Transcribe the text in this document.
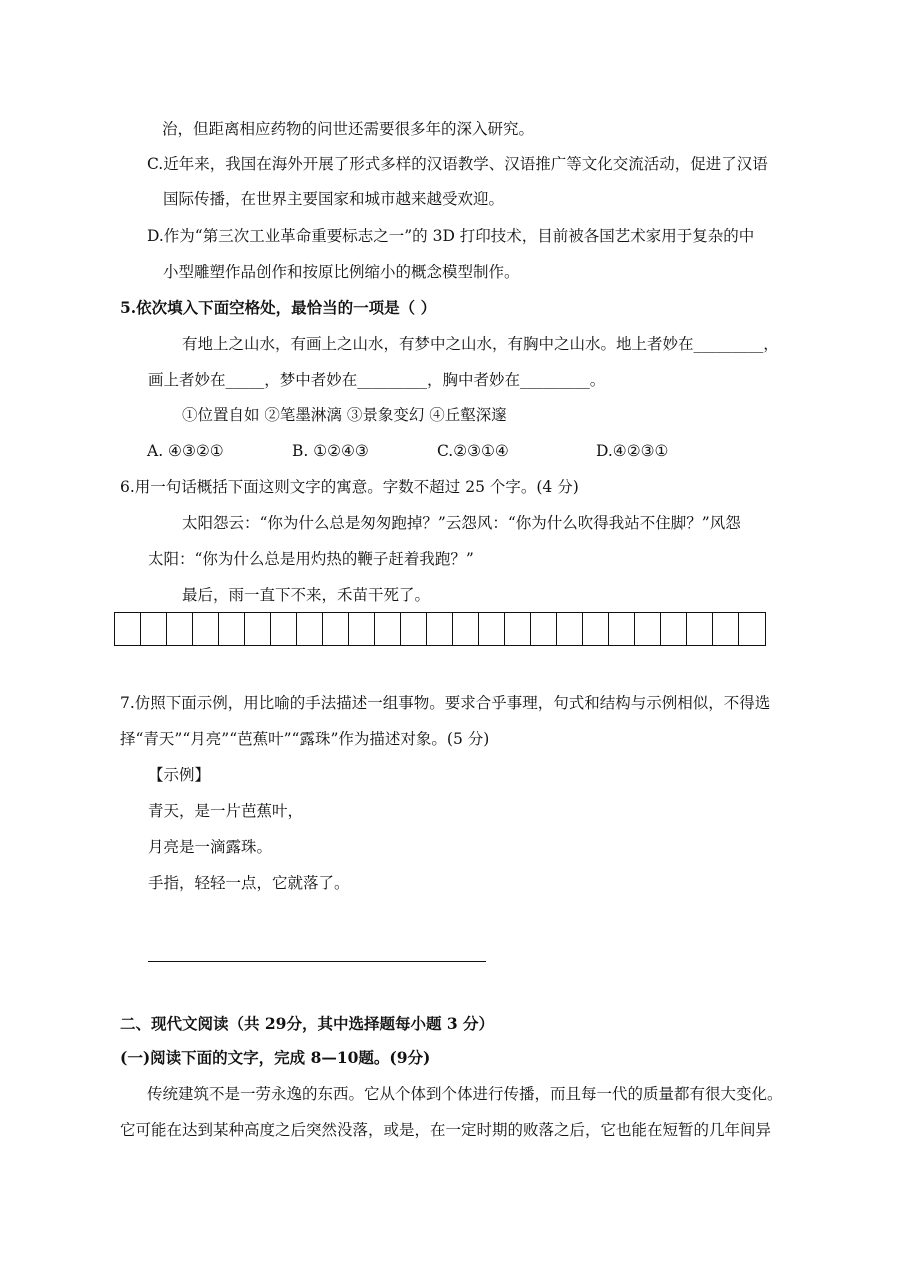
治，但距离相应药物的问世还需要很多年的深入研究。
C.近年来，我国在海外开展了形式多样的汉语教学、汉语推广等文化交流活动，促进了汉语
国际传播，在世界主要国家和城市越来越受欢迎。
D.作为“第三次工业革命重要标志之一”的 3D 打印技术，目前被各国艺术家用于复杂的中
小型雕塑作品创作和按原比例缩小的概念模型制作。
5.依次填入下面空格处，最恰当的一项是（ ）
有地上之山水，有画上之山水，有梦中之山水，有胸中之山水。地上者妙在_________，
画上者妙在_____，梦中者妙在_________，胸中者妙在_________。
①位置自如 ②笔墨淋漓 ③景象变幻 ④丘壑深邃
A. ④③②①	B. ①②④③	C.②③①④	D.④②③①
6.用一句话概括下面这则文字的寓意。字数不超过 25 个字。(4 分)
太阳怨云：“你为什么总是匆匆跑掉？”云怨风：“你为什么吹得我站不住脚？”风怨
太阳：“你为什么总是用灼热的鞭子赶着我跑？”
最后，雨一直下不来，禾苗干死了。
7.仿照下面示例，用比喻的手法描述一组事物。要求合乎事理，句式和结构与示例相似，不得选
择“青天”“月亮”“芭蕉叶”“露珠”作为描述对象。(5 分)
【示例】
青天，是一片芭蕉叶，
月亮是一滴露珠。
手指，轻轻一点，它就落了。
二、现代文阅读（共 29分，其中选择题每小题 3 分）
(一)阅读下面的文字，完成 8—10题。(9分)
传统建筑不是一劳永逸的东西。它从个体到个体进行传播，而且每一代的质量都有很大变化。
它可能在达到某种高度之后突然没落，或是，在一定时期的败落之后，它也能在短暂的几年间异
